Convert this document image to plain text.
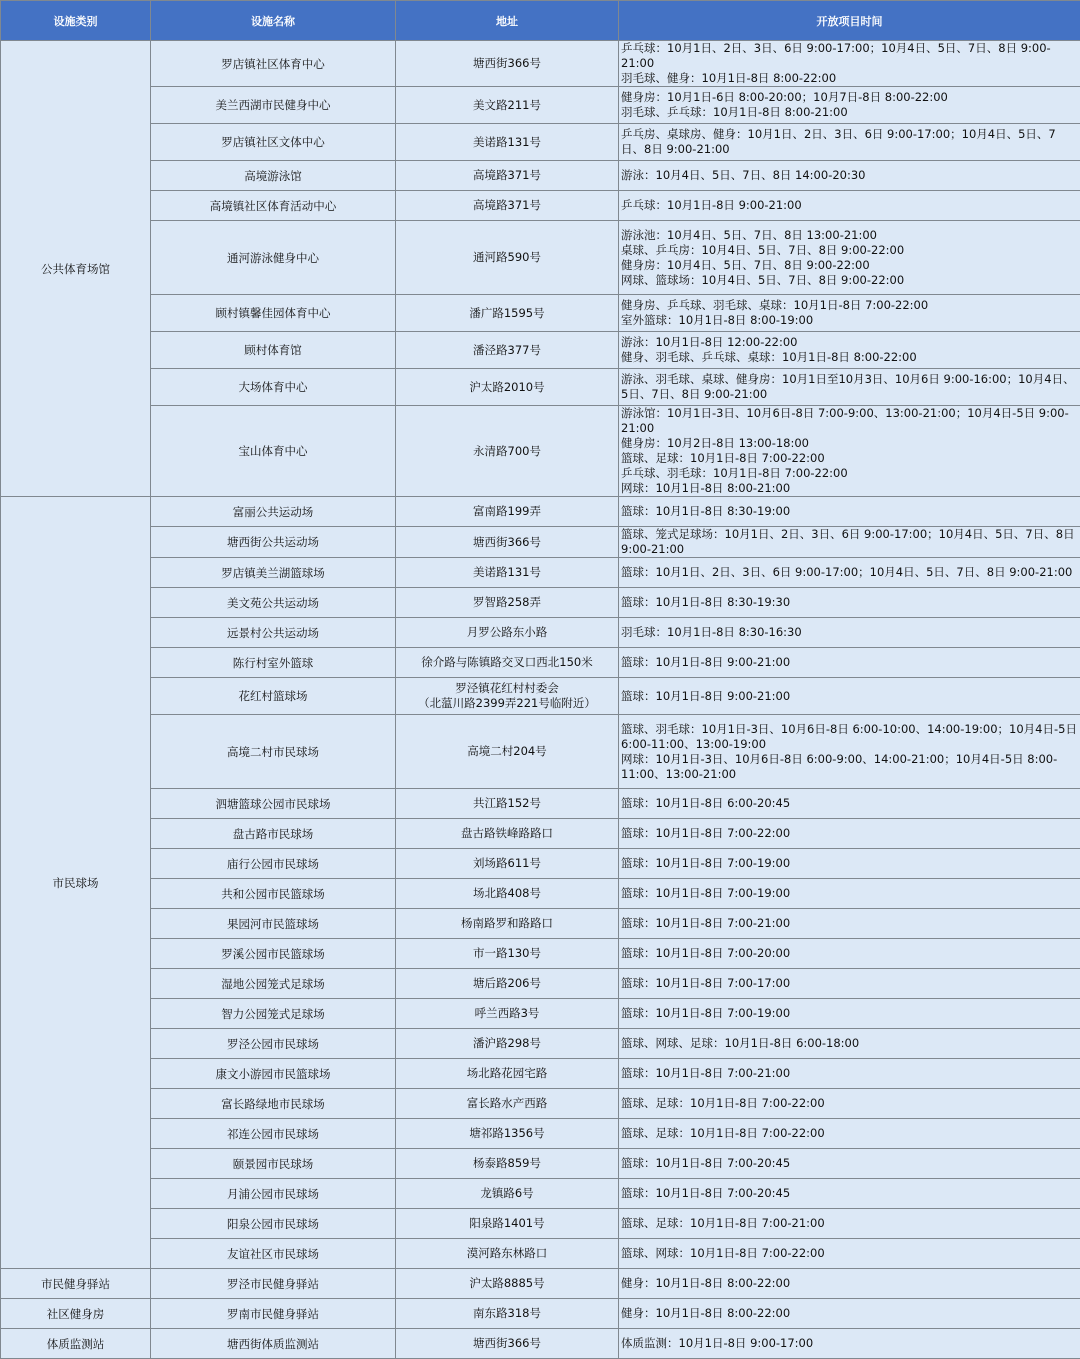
设施类别	设施名称	地址	开放项目时间
公共体育场馆	罗店镇社区体育中心	塘西街366号	乒乓球：10月1日、2日、3日、6日 9:00-17:00；10月4日、5日、7日、8日 9:00-21:00
羽毛球、健身：10月1日-8日 8:00-22:00

	美兰西湖市民健身中心	美文路211号	健身房：10月1日-6日 8:00-20:00；10月7日-8日 8:00-22:00
羽毛球、乒乓球：10月1日-8日 8:00-21:00

	罗店镇社区文体中心	美诺路131号	乒乓房、桌球房、健身：10月1日、2日、3日、6日 9:00-17:00；10月4日、5日、7日、8日 9:00-21:00

	高境游泳馆	高境路371号	游泳：10月4日、5日、7日、8日 14:00-20:30

	高境镇社区体育活动中心	高境路371号	乒乓球：10月1日-8日 9:00-21:00

	通河游泳健身中心	通河路590号	游泳池：10月4日、5日、7日、8日 13:00-21:00
桌球、乒乓房：10月4日、5日、7日、8日 9:00-22:00
健身房：10月4日、5日、7日、8日 9:00-22:00
网球、篮球场：10月4日、5日、7日、8日 9:00-22:00

	顾村镇馨佳园体育中心	潘广路1595号	健身房、乒乓球、羽毛球、桌球：10月1日-8日 7:00-22:00
室外篮球：10月1日-8日 8:00-19:00

	顾村体育馆	潘泾路377号	游泳：10月1日-8日 12:00-22:00
健身、羽毛球、乒乓球、桌球：10月1日-8日 8:00-22:00

	大场体育中心	沪太路2010号	游泳、羽毛球、桌球、健身房：10月1日至10月3日、10月6日 9:00-16:00；10月4日、5日、7日、8日 9:00-21:00

	宝山体育中心	永清路700号	游泳馆：10月1日-3日、10月6日-8日 7:00-9:00、13:00-21:00；10月4日-5日 9:00-21:00
健身房：10月2日-8日 13:00-18:00
篮球、足球：10月1日-8日 7:00-22:00
乒乓球、羽毛球：10月1日-8日 7:00-22:00
网球：10月1日-8日 8:00-21:00

市民球场	富丽公共运动场	富南路199弄	篮球：10月1日-8日 8:30-19:00

	塘西街公共运动场	塘西街366号	篮球、笼式足球场：10月1日、2日、3日、6日 9:00-17:00；10月4日、5日、7日、8日 9:00-21:00

	罗店镇美兰湖篮球场	美诺路131号	篮球：10月1日、2日、3日、6日 9:00-17:00；10月4日、5日、7日、8日 9:00-21:00

	美文苑公共运动场	罗智路258弄	篮球：10月1日-8日 8:30-19:30

	远景村公共运动场	月罗公路东小路	羽毛球：10月1日-8日 8:30-16:30

	陈行村室外篮球	徐介路与陈镇路交叉口西北150米	篮球：10月1日-8日 9:00-21:00

	花红村篮球场	罗泾镇花红村村委会
（北蕰川路2399弄221号临附近）	篮球：10月1日-8日 9:00-21:00

	高境二村市民球场	高境二村204号	篮球、羽毛球：10月1日-3日、10月6日-8日 6:00-10:00、14:00-19:00；10月4日-5日 6:00-11:00、13:00-19:00
网球：10月1日-3日、10月6日-8日 6:00-9:00、14:00-21:00；10月4日-5日 8:00-11:00、13:00-21:00

	泗塘篮球公园市民球场	共江路152号	篮球：10月1日-8日 6:00-20:45

	盘古路市民球场	盘古路铁峰路路口	篮球：10月1日-8日 7:00-22:00

	庙行公园市民球场	刘场路611号	篮球：10月1日-8日 7:00-19:00

	共和公园市民篮球场	场北路408号	篮球：10月1日-8日 7:00-19:00

	果园河市民篮球场	杨南路罗和路路口	篮球：10月1日-8日 7:00-21:00

	罗溪公园市民篮球场	市一路130号	篮球：10月1日-8日 7:00-20:00

	湿地公园笼式足球场	塘后路206号	篮球：10月1日-8日 7:00-17:00

	智力公园笼式足球场	呼兰西路3号	篮球：10月1日-8日 7:00-19:00

	罗泾公园市民球场	潘沪路298号	篮球、网球、足球：10月1日-8日 6:00-18:00

	康文小游园市民篮球场	场北路花园宅路	篮球：10月1日-8日 7:00-21:00

	富长路绿地市民球场	富长路水产西路	篮球、足球：10月1日-8日 7:00-22:00

	祁连公园市民球场	塘祁路1356号	篮球、足球：10月1日-8日 7:00-22:00

	颐景园市民球场	杨泰路859号	篮球：10月1日-8日 7:00-20:45

	月浦公园市民球场	龙镇路6号	篮球：10月1日-8日 7:00-20:45

	阳泉公园市民球场	阳泉路1401号	篮球、足球：10月1日-8日 7:00-21:00

	友谊社区市民球场	漠河路东林路口	篮球、网球：10月1日-8日 7:00-22:00

市民健身驿站	罗泾市民健身驿站	沪太路8885号	健身：10月1日-8日 8:00-22:00

社区健身房	罗南市民健身驿站	南东路318号	健身：10月1日-8日 8:00-22:00

体质监测站	塘西街体质监测站	塘西街366号	体质监测：10月1日-8日 9:00-17:00
